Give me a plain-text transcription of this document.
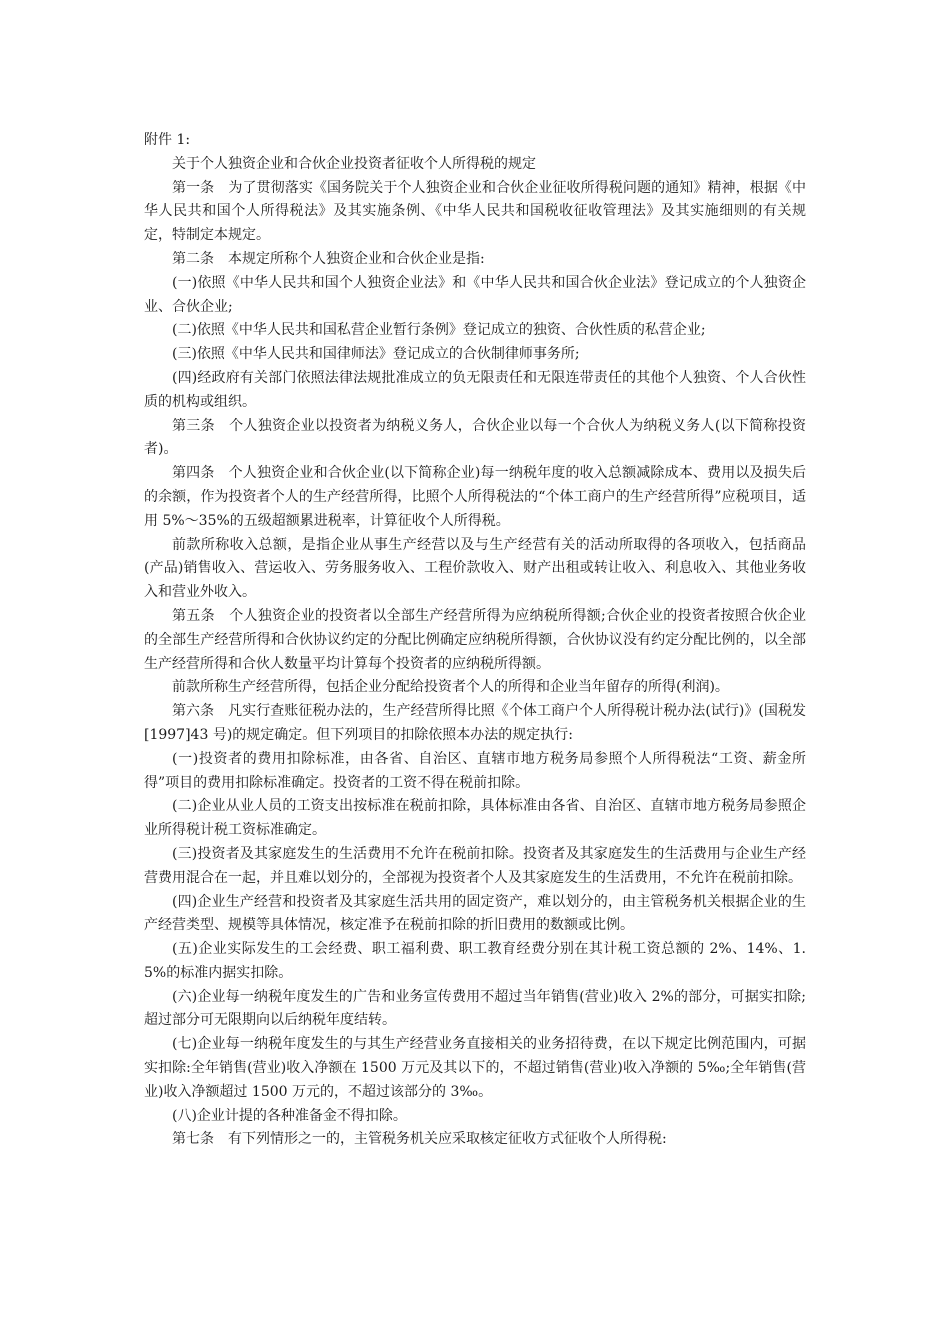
附件 1:

关于个人独资企业和合伙企业投资者征收个人所得税的规定

第一条　为了贯彻落实《国务院关于个人独资企业和合伙企业征收所得税问题的通知》精神，根据《中华人民共和国个人所得税法》及其实施条例、《中华人民共和国税收征收管理法》及其实施细则的有关规定，特制定本规定。

第二条　本规定所称个人独资企业和合伙企业是指:

(一)依照《中华人民共和国个人独资企业法》和《中华人民共和国合伙企业法》登记成立的个人独资企业、合伙企业;

(二)依照《中华人民共和国私营企业暂行条例》登记成立的独资、合伙性质的私营企业;

(三)依照《中华人民共和国律师法》登记成立的合伙制律师事务所;

(四)经政府有关部门依照法律法规批准成立的负无限责任和无限连带责任的其他个人独资、个人合伙性质的机构或组织。

第三条　个人独资企业以投资者为纳税义务人，合伙企业以每一个合伙人为纳税义务人(以下简称投资者)。

第四条　个人独资企业和合伙企业(以下简称企业)每一纳税年度的收入总额减除成本、费用以及损失后的余额，作为投资者个人的生产经营所得，比照个人所得税法的“个体工商户的生产经营所得”应税项目，适用 5%～35%的五级超额累进税率，计算征收个人所得税。

前款所称收入总额，是指企业从事生产经营以及与生产经营有关的活动所取得的各项收入，包括商品(产品)销售收入、营运收入、劳务服务收入、工程价款收入、财产出租或转让收入、利息收入、其他业务收入和营业外收入。

第五条　个人独资企业的投资者以全部生产经营所得为应纳税所得额;合伙企业的投资者按照合伙企业的全部生产经营所得和合伙协议约定的分配比例确定应纳税所得额，合伙协议没有约定分配比例的，以全部生产经营所得和合伙人数量平均计算每个投资者的应纳税所得额。

前款所称生产经营所得，包括企业分配给投资者个人的所得和企业当年留存的所得(利润)。

第六条　凡实行查账征税办法的，生产经营所得比照《个体工商户个人所得税计税办法(试行)》(国税发[1997]43 号)的规定确定。但下列项目的扣除依照本办法的规定执行:

(一)投资者的费用扣除标准，由各省、自治区、直辖市地方税务局参照个人所得税法“工资、薪金所得”项目的费用扣除标准确定。投资者的工资不得在税前扣除。

(二)企业从业人员的工资支出按标准在税前扣除，具体标准由各省、自治区、直辖市地方税务局参照企业所得税计税工资标准确定。

(三)投资者及其家庭发生的生活费用不允许在税前扣除。投资者及其家庭发生的生活费用与企业生产经营费用混合在一起，并且难以划分的，全部视为投资者个人及其家庭发生的生活费用，不允许在税前扣除。

(四)企业生产经营和投资者及其家庭生活共用的固定资产，难以划分的，由主管税务机关根据企业的生产经营类型、规模等具体情况，核定准予在税前扣除的折旧费用的数额或比例。

(五)企业实际发生的工会经费、职工福利费、职工教育经费分别在其计税工资总额的 2%、14%、1.5%的标准内据实扣除。

(六)企业每一纳税年度发生的广告和业务宣传费用不超过当年销售(营业)收入 2%的部分，可据实扣除;超过部分可无限期向以后纳税年度结转。

(七)企业每一纳税年度发生的与其生产经营业务直接相关的业务招待费，在以下规定比例范围内，可据实扣除:全年销售(营业)收入净额在 1500 万元及其以下的，不超过销售(营业)收入净额的 5‰;全年销售(营业)收入净额超过 1500 万元的，不超过该部分的 3‰。

(八)企业计提的各种准备金不得扣除。

第七条　有下列情形之一的，主管税务机关应采取核定征收方式征收个人所得税:
